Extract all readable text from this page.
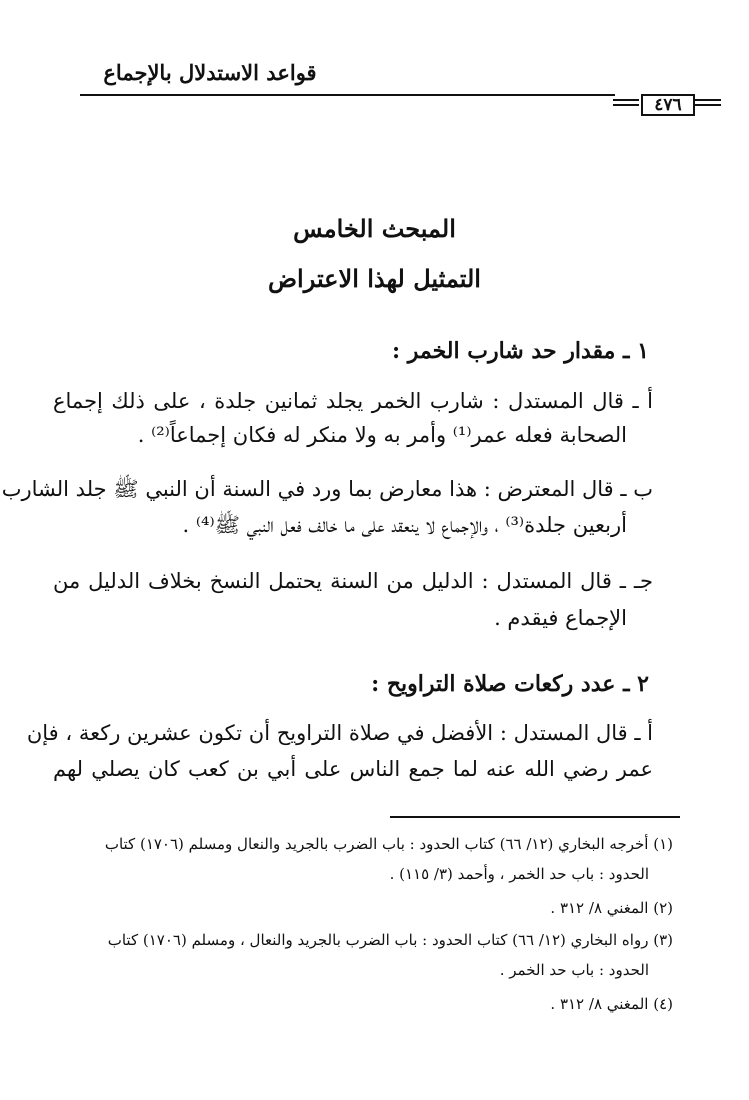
قواعد الاستدلال بالإجماع
٤٧٦
المبحث الخامس
التمثيل لهذا الاعتراض
١ ـ مقدار حد شارب الخمر :
أ ـ قال المستدل : شارب الخمر يجلد ثمانين جلدة ، على ذلك إجماع
الصحابة فعله عمر⁽¹⁾ وأمر به ولا منكر له فكان إجماعاً⁽²⁾ .
ب ـ قال المعترض : هذا معارض بما ورد في السنة أن النبي ﷺ جلد الشارب
أربعين جلدة⁽³⁾ ، والإجماع لا ينعقد على ما خالف فعل النبي ﷺ⁽⁴⁾ .
جـ ـ قال المستدل : الدليل من السنة يحتمل النسخ بخلاف الدليل من
الإجماع فيقدم .
٢ ـ عدد ركعات صلاة التراويح :
أ ـ قال المستدل : الأفضل في صلاة التراويح أن تكون عشرين ركعة ، فإن
عمر رضي الله عنه لما جمع الناس على أبي بن كعب كان يصلي لهم
(١) أخرجه البخاري (١٢/ ٦٦) كتاب الحدود : باب الضرب بالجريد والنعال ومسلم (١٧٠٦) كتاب
الحدود : باب حد الخمر ، وأحمد (٣/ ١١٥) .
(٢) المغني ٨/ ٣١٢ .
(٣) رواه البخاري (١٢/ ٦٦) كتاب الحدود : باب الضرب بالجريد والنعال ، ومسلم (١٧٠٦) كتاب
الحدود : باب حد الخمر .
(٤) المغني ٨/ ٣١٢ .
